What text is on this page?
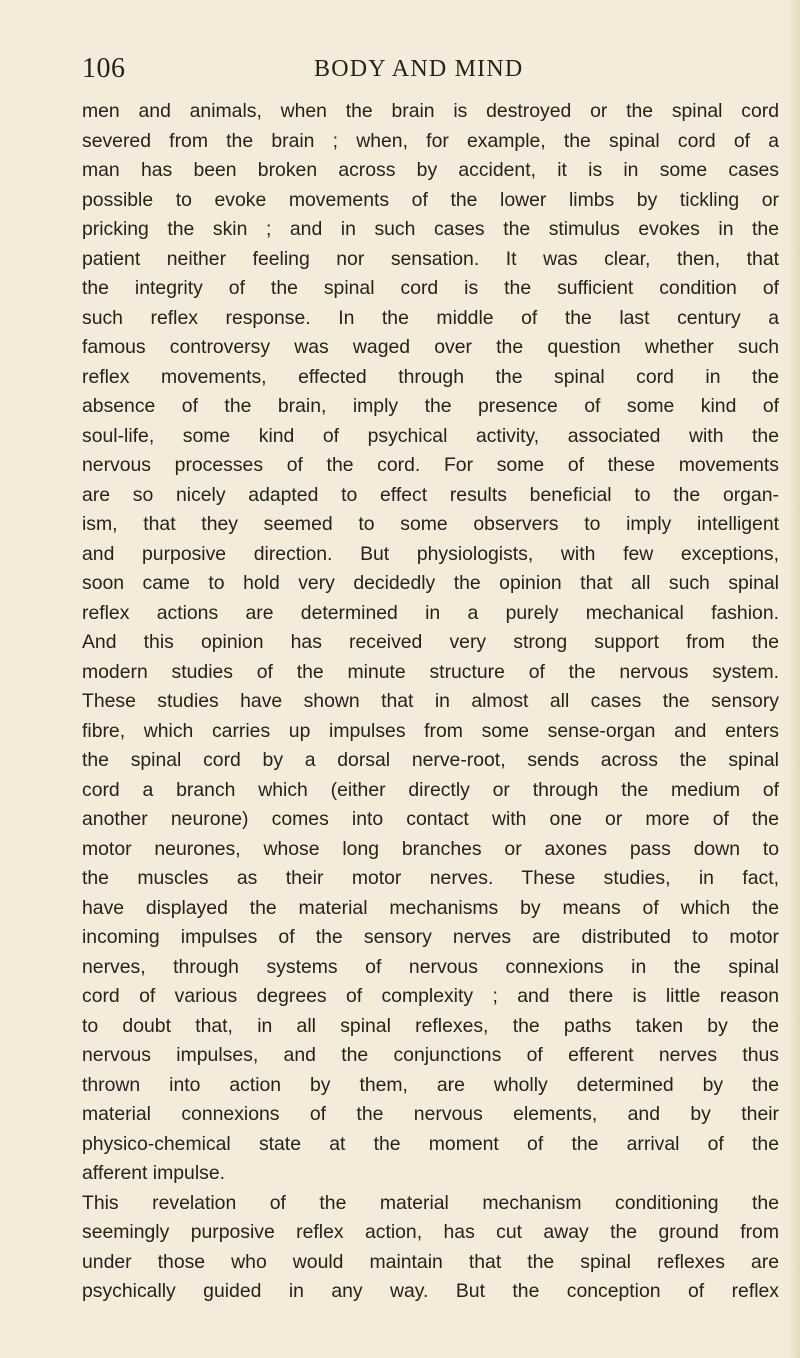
106	BODY AND MIND
men and animals, when the brain is destroyed or the spinal cord
severed from the brain ; when, for example, the spinal cord of a
man has been broken across by accident, it is in some cases
possible to evoke movements of the lower limbs by tickling or
pricking the skin ; and in such cases the stimulus evokes in the
patient neither feeling nor sensation. It was clear, then, that
the integrity of the spinal cord is the sufficient condition of
such reflex response. In the middle of the last century a
famous controversy was waged over the question whether such
reflex movements, effected through the spinal cord in the
absence of the brain, imply the presence of some kind of
soul-life, some kind of psychical activity, associated with the
nervous processes of the cord. For some of these movements
are so nicely adapted to effect results beneficial to the organ-
ism, that they seemed to some observers to imply intelligent
and purposive direction. But physiologists, with few exceptions,
soon came to hold very decidedly the opinion that all such spinal
reflex actions are determined in a purely mechanical fashion.
And this opinion has received very strong support from the
modern studies of the minute structure of the nervous system.
These studies have shown that in almost all cases the sensory
fibre, which carries up impulses from some sense-organ and enters
the spinal cord by a dorsal nerve-root, sends across the spinal
cord a branch which (either directly or through the medium of
another neurone) comes into contact with one or more of the
motor neurones, whose long branches or axones pass down to
the muscles as their motor nerves. These studies, in fact,
have displayed the material mechanisms by means of which the
incoming impulses of the sensory nerves are distributed to motor
nerves, through systems of nervous connexions in the spinal
cord of various degrees of complexity ; and there is little reason
to doubt that, in all spinal reflexes, the paths taken by the
nervous impulses, and the conjunctions of efferent nerves thus
thrown into action by them, are wholly determined by the
material connexions of the nervous elements, and by their
physico-chemical state at the moment of the arrival of the
afferent impulse.
This revelation of the material mechanism conditioning the
seemingly purposive reflex action, has cut away the ground from
under those who would maintain that the spinal reflexes are
psychically guided in any way. But the conception of reflex
